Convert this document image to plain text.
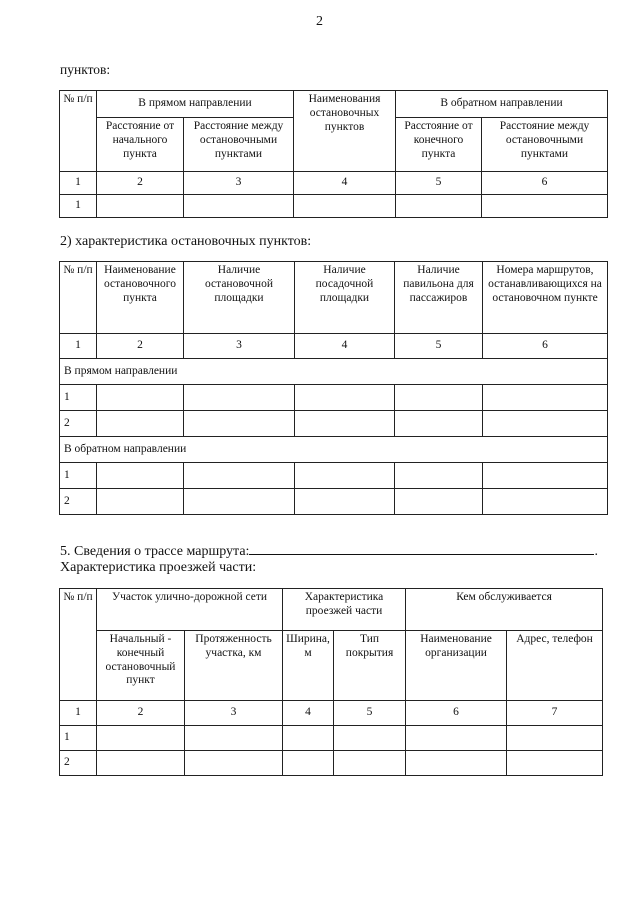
2
пунктов:
№ п/п	В прямом направлении		Наименования остановочных пунктов	В обратном направлении	
	Расстояние от начального пункта	Расстояние между остановочными пунктами		Расстояние от конечного пункта	Расстояние между остановочными пунктами
1	2	3	4	5	6
1					
2) характеристика остановочных пунктов:
№ п/п	Наименование остановочного пункта	Наличие остановочной площадки	Наличие посадочной площадки	Наличие павильона для пассажиров	Номера маршрутов, останавливающихся на остановочном пункте
1	2	3	4	5	6
В прямом направлении					
1					
2					
В обратном направлении					
1					
2					
5. Сведения о трассе маршрута:	.
Характеристика проезжей части:
№ п/п	Участок улично-дорожной сети		Характеристика проезжей части		Кем обслуживается	
	Начальный - конечный остановочный пункт	Протяженность участка, км	Ширина, м	Тип покрытия	Наименование организации	Адрес, телефон
1	2	3	4	5	6	7
1						
2						
